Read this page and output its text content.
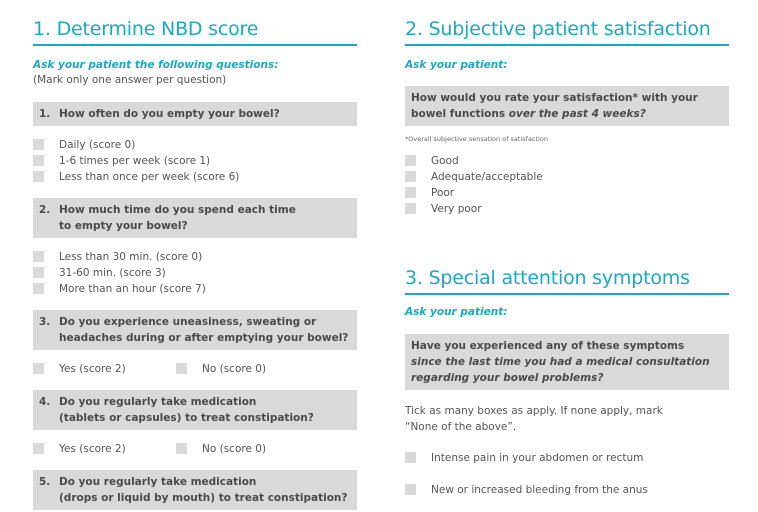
1. Determine NBD score
Ask your patient the following questions:
(Mark only one answer per question)
1. How often do you empty your bowel?
Daily (score 0)
1-6 times per week (score 1)
Less than once per week (score 6)
2. How much time do you spend each time
to empty your bowel?
Less than 30 min. (score 0)
31-60 min. (score 3)
More than an hour (score 7)
3. Do you experience uneasiness, sweating or
headaches during or after emptying your bowel?
Yes (score 2)	No (score 0)
4. Do you regularly take medication
(tablets or capsules) to treat constipation?
Yes (score 2)	No (score 0)
5. Do you regularly take medication
(drops or liquid by mouth) to treat constipation?
2. Subjective patient satisfaction
Ask your patient:
How would you rate your satisfaction* with your
bowel functions over the past 4 weeks?
*Overall subjective sensation of satisfaction
Good
Adequate/acceptable
Poor
Very poor
3. Special attention symptoms
Ask your patient:
Have you experienced any of these symptoms
since the last time you had a medical consultation
regarding your bowel problems?
Tick as many boxes as apply. If none apply, mark
“None of the above”.
Intense pain in your abdomen or rectum
New or increased bleeding from the anus
